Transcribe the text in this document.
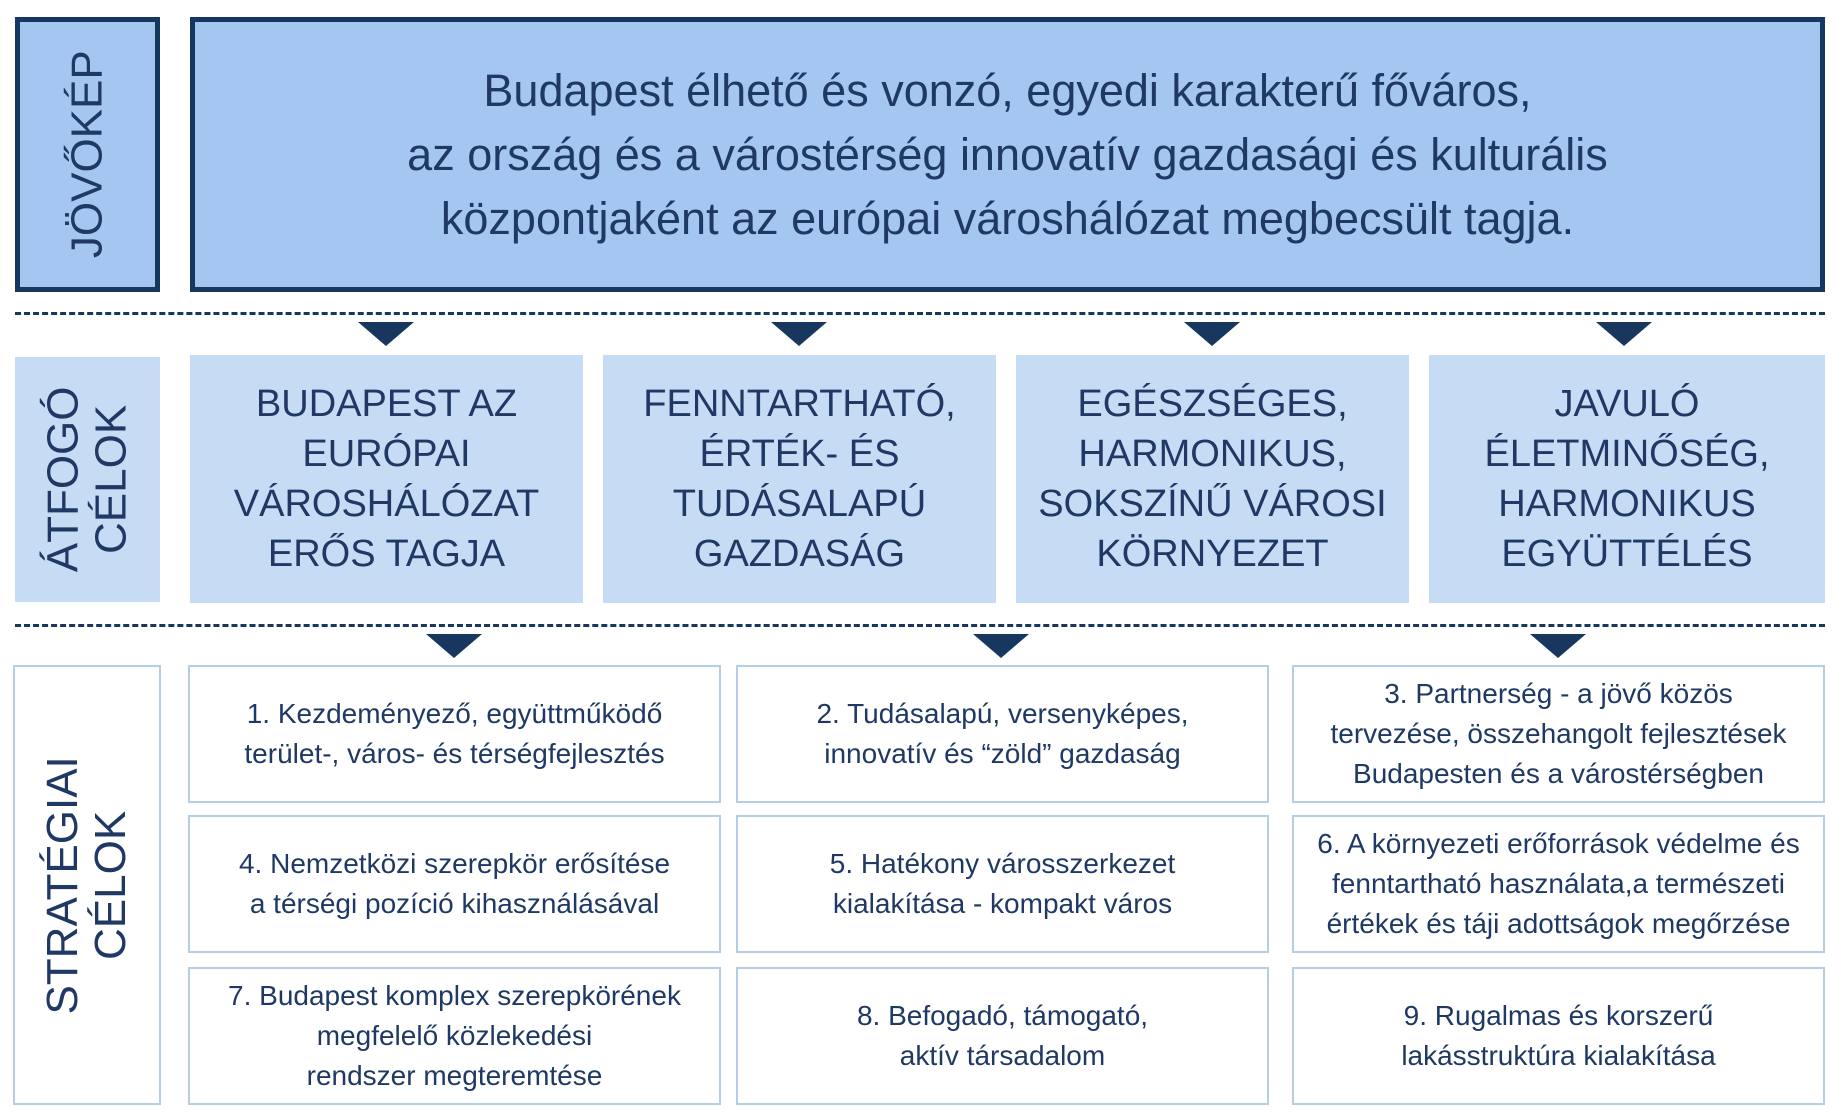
JÖVŐKÉP	Budapest élhető és vonzó, egyedi karakterű főváros,
az ország és a várostérség innovatív gazdasági és kulturális
központjaként az európai városhálózat megbecsült tagja.
ÁTFOGÓ
CÉLOK
BUDAPEST AZ
EURÓPAI
VÁROSHÁLÓZAT
ERŐS TAGJA
FENNTARTHATÓ,
ÉRTÉK- ÉS
TUDÁSALAPÚ
GAZDASÁG
EGÉSZSÉGES,
HARMONIKUS,
SOKSZÍNŰ VÁROSI
KÖRNYEZET
JAVULÓ
ÉLETMINŐSÉG,
HARMONIKUS
EGYÜTTÉLÉS
STRATÉGIAI
CÉLOK
1. Kezdeményező, együttműködő
terület-, város- és térségfejlesztés
2. Tudásalapú, versenyképes,
innovatív és “zöld” gazdaság
3. Partnerség - a jövő közös
tervezése, összehangolt fejlesztések
Budapesten és a várostérségben
4. Nemzetközi szerepkör erősítése
a térségi pozíció kihasználásával
5. Hatékony városszerkezet
kialakítása - kompakt város
6. A környezeti erőforrások védelme és
fenntartható használata,a természeti
értékek és táji adottságok megőrzése
7. Budapest komplex szerepkörének
megfelelő közlekedési
rendszer megteremtése
8. Befogadó, támogató,
aktív társadalom
9. Rugalmas és korszerű
lakásstruktúra kialakítása
